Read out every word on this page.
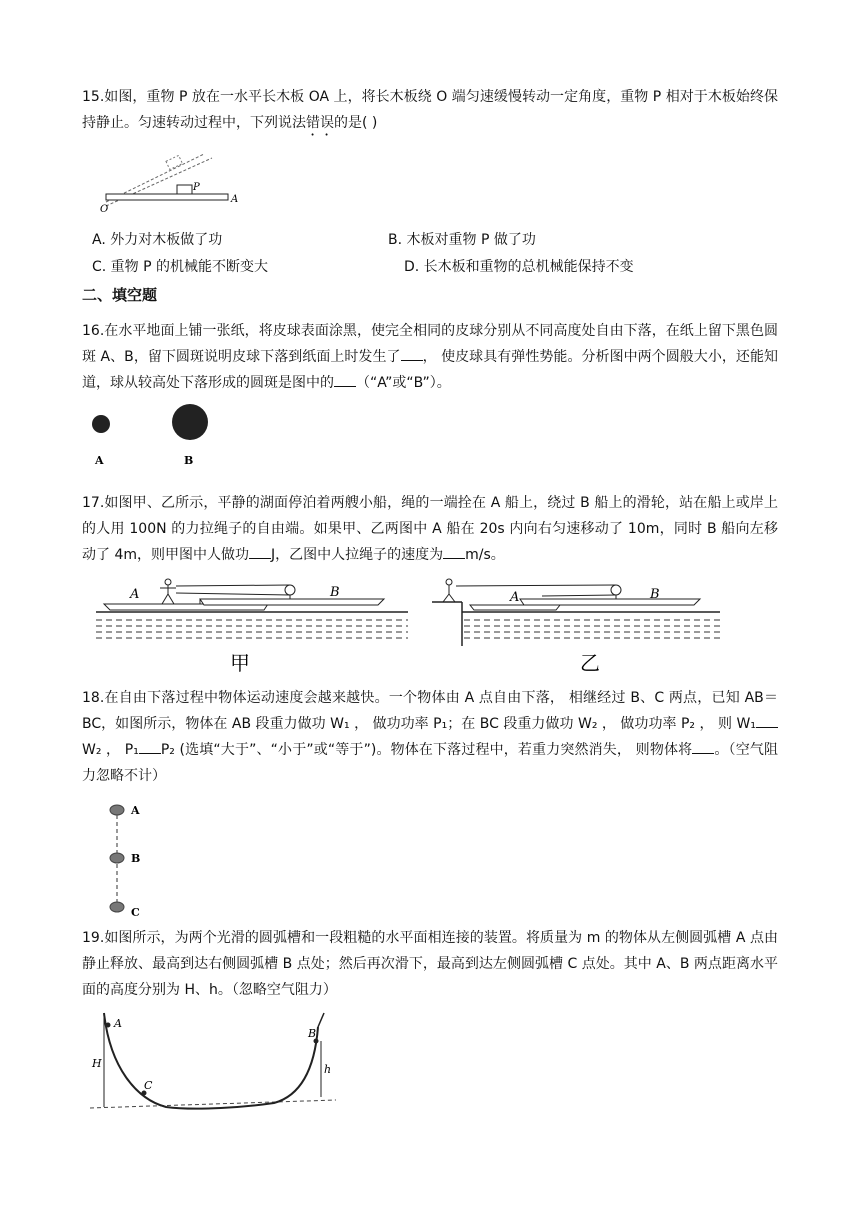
15.如图，重物 P 放在一水平长木板 OA 上，将长木板绕 O 端匀速缓慢转动一定角度，重物 P 相对于木板始终保持静止。匀速转动过程中，下列说法错误的是( )
O
P
A
A. 外力对木板做了功	B. 木板对重物 P 做了功
C. 重物 P 的机械能不断变大	D. 长木板和重物的总机械能保持不变
二、填空题
16.在水平地面上铺一张纸，将皮球表面涂黑，使完全相同的皮球分别从不同高度处自由下落，在纸上留下黑色圆斑 A、B，留下圆斑说明皮球下落到纸面上时发生了 ， 使皮球具有弹性势能。分析图中两个圆般大小，还能知道，球从较高处下落形成的圆斑是图中的 （“A”或“B”）。
A	B
17.如图甲、乙所示，平静的湖面停泊着两艘小船，绳的一端拴在 A 船上，绕过 B 船上的滑轮，站在船上或岸上的人用 100N 的力拉绳子的自由端。如果甲、乙两图中 A 船在 20s 内向右匀速移动了 10m，同时 B 船向左移动了 4m，则甲图中人做功 J，乙图中人拉绳子的速度为 m/s。
A	B
甲
A	B
乙
18.在自由下落过程中物体运动速度会越来越快。一个物体由 A 点自由下落， 相继经过 B、C 两点，已知 AB＝BC，如图所示，物体在 AB 段重力做功 W₁ ， 做功功率 P₁；在 BC 段重力做功 W₂ ， 做功功率 P₂ ， 则 W₁W₂ ， P₁ P₂ (选填“大于”、“小于”或“等于”)。物体在下落过程中，若重力突然消失， 则物体将 。（空气阻力忽略不计）
A
B
C
19.如图所示，为两个光滑的圆弧槽和一段粗糙的水平面相连接的装置。将质量为 m 的物体从左侧圆弧槽 A 点由静止释放、最高到达右侧圆弧槽 B 点处；然后再次滑下，最高到达左侧圆弧槽 C 点处。其中 A、B 两点距离水平面的高度分别为 H、h。（忽略空气阻力）
A
C
B
H	h
